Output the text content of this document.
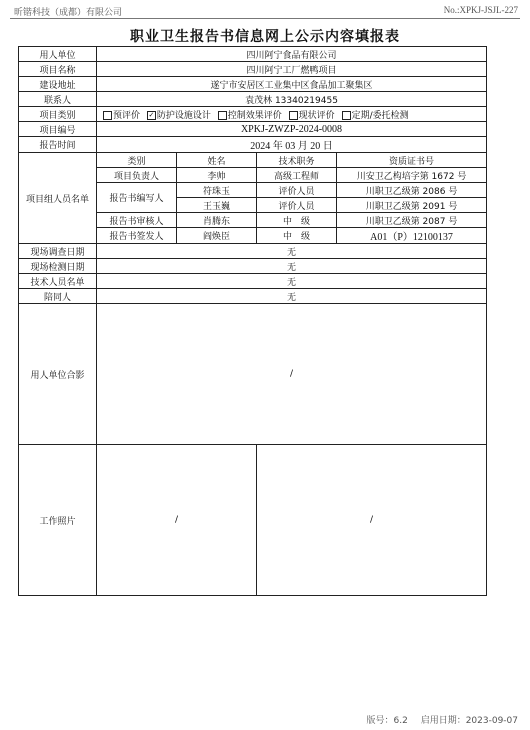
昕锴科技（成都）有限公司	No.:XPKJ-JSJL-227
职业卫生报告书信息网上公示内容填报表
用人单位	四川阿宁食品有限公司			
项目名称	四川阿宁工厂燃鸭项目			
建设地址	遂宁市安居区工业集中区食品加工聚集区			
联系人	袁茂林 13340219455			
项目类别	预评价 ✓ 防护设施设计 控制效果评价 现状评价 定期/委托检测			
项目编号	XPKJ-ZWZP-2024-0008			
报告时间	2024 年 03 月 20 日			
项目组人员名单	类别	姓名	技术职务	资质证书号
	项目负责人	李帅	高级工程师	川安卫乙构培字第 1672 号
	报告书编写人	符珠玉	评价人员	川职卫乙级第 2086 号
		王玉巍	评价人员	川职卫乙级第 2091 号
	报告书审核人	肖腾东	中　级	川职卫乙级第 2087 号
	报告书签发人	阎焕臣	中　级	A01（P）12100137
现场调查日期	无			
现场检测日期	无			
技术人员名单	无			
陪同人	无			
用人单位合影	/			
工作照片	/		/	
版号：6.2 启用日期：2023-09-07
